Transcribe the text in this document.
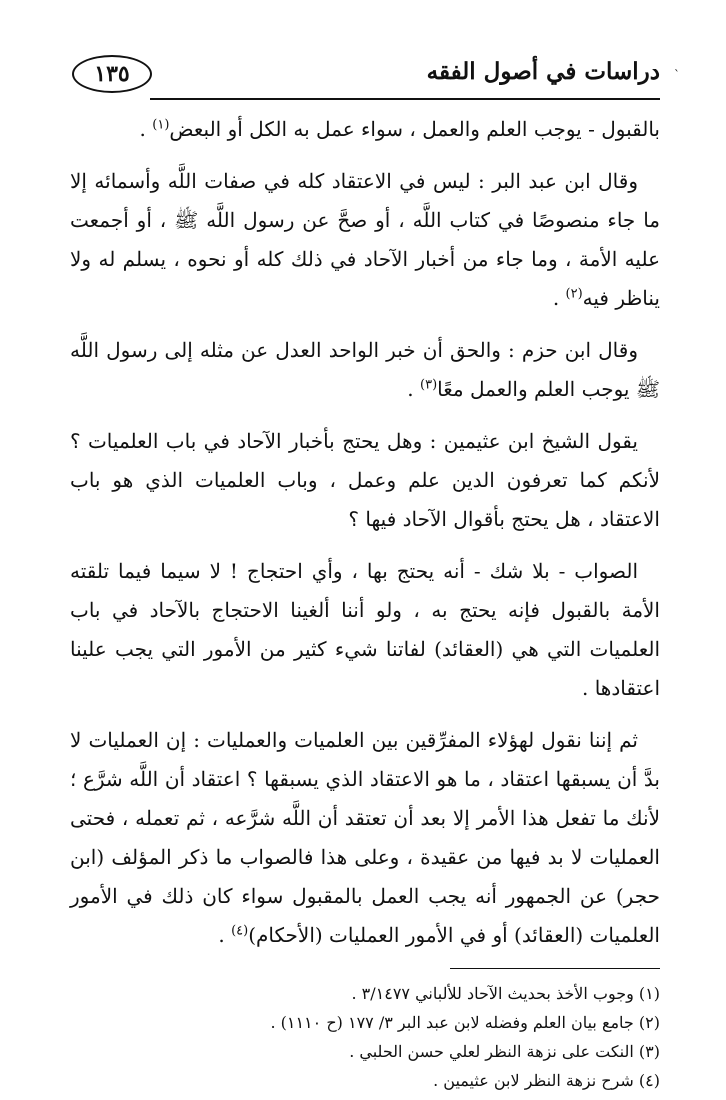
`
دراسات في أصول الفقه
١٣٥

بالقبول - يوجب العلم والعمل ، سواء عمل به الكل أو البعض$^{(١)}$ .

وقال ابن عبد البر : ليس في الاعتقاد كله في صفات اللَّه وأسمائه إلا ما جاء منصوصًا في كتاب اللَّه ، أو صحَّ عن رسول اللَّه ﷺ ، أو أجمعت عليه الأمة ، وما جاء من أخبار الآحاد في ذلك كله أو نحوه ، يسلم له ولا يناظر فيه$^{(٢)}$ .

وقال ابن حزم : والحق أن خبر الواحد العدل عن مثله إلى رسول اللَّه ﷺ يوجب العلم والعمل معًا$^{(٣)}$ .

يقول الشيخ ابن عثيمين : وهل يحتج بأخبار الآحاد في باب العلميات ؟ لأنكم كما تعرفون الدين علم وعمل ، وباب العلميات الذي هو باب الاعتقاد ، هل يحتج بأقوال الآحاد فيها ؟

الصواب - بلا شك - أنه يحتج بها ، وأي احتجاج ! لا سيما فيما تلقته الأمة بالقبول فإنه يحتج به ، ولو أننا ألغينا الاحتجاج بالآحاد في باب العلميات التي هي (العقائد) لفاتنا شيء كثير من الأمور التي يجب علينا اعتقادها .

ثم إننا نقول لهؤلاء المفرِّقين بين العلميات والعمليات : إن العمليات لا بدَّ أن يسبقها اعتقاد ، ما هو الاعتقاد الذي يسبقها ؟ اعتقاد أن اللَّه شرَّع ؛ لأنك ما تفعل هذا الأمر إلا بعد أن تعتقد أن اللَّه شرَّعه ، ثم تعمله ، فحتى العمليات لا بد فيها من عقيدة ، وعلى هذا فالصواب ما ذكر المؤلف (ابن حجر) عن الجمهور أنه يجب العمل بالمقبول سواء كان ذلك في الأمور العلميات (العقائد) أو في الأمور العمليات (الأحكام)$^{(٤)}$ .

(١) وجوب الأخذ بحديث الآحاد للألباني ٣/١٤٧٧ .
(٢) جامع بيان العلم وفضله لابن عبد البر ٣/ ١٧٧ (ح ١١١٠) .
(٣) النكت على نزهة النظر لعلي حسن الحلبي .
(٤) شرح نزهة النظر لابن عثيمين .
